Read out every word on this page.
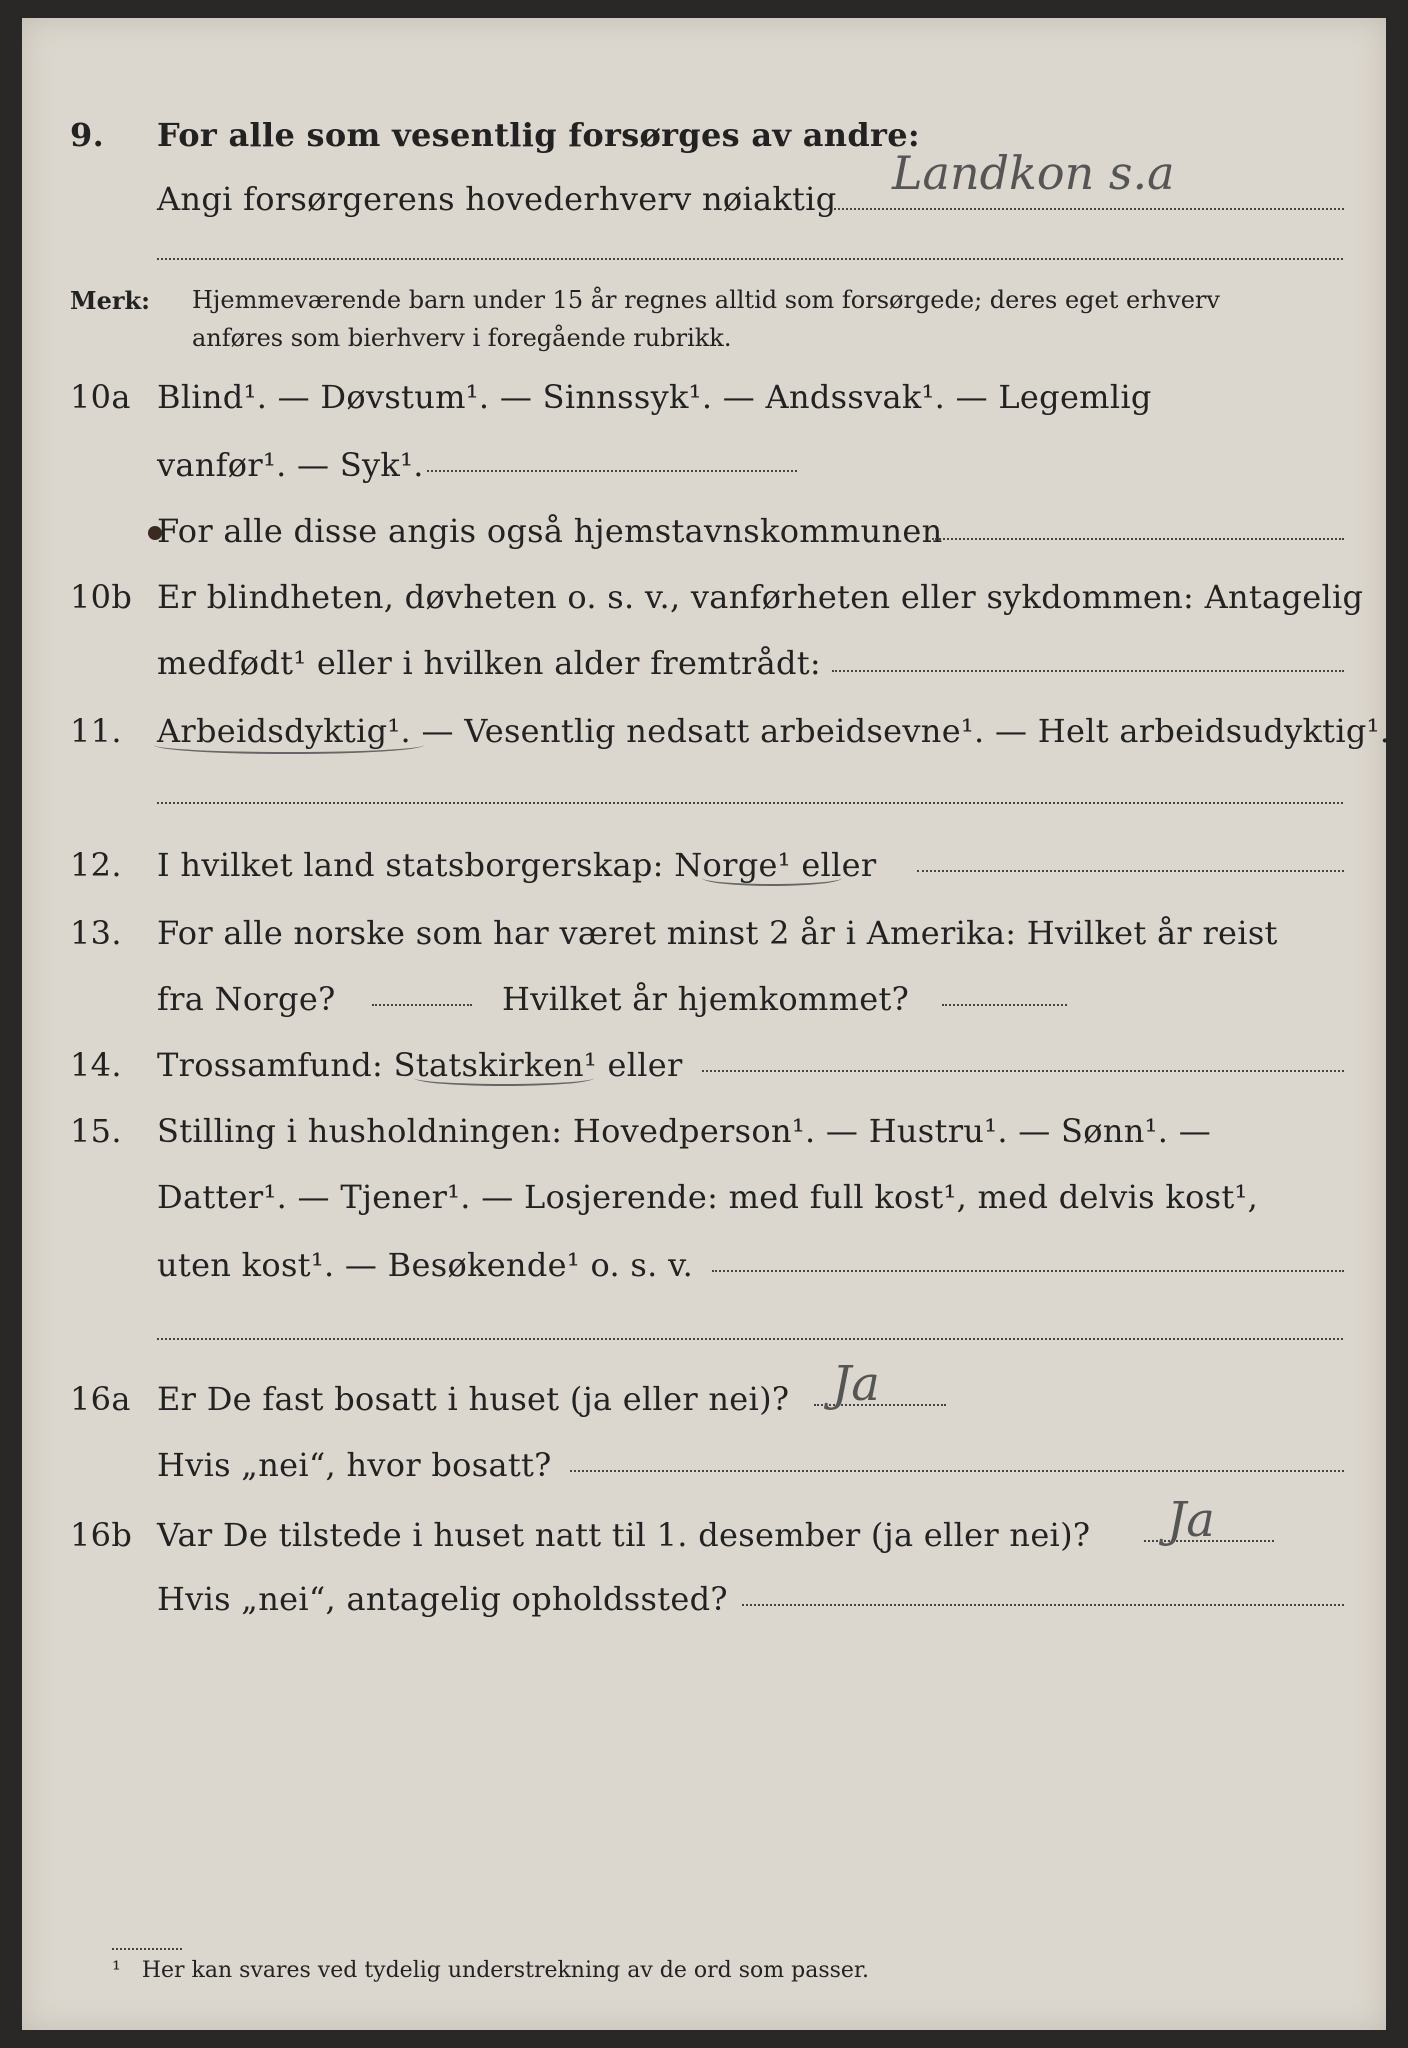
9. For alle som vesentlig forsørges av andre:
Angi forsørgerens hovederhverv nøiaktig Landkon s.a
Merk: Hjemmeværende barn under 15 år regnes alltid som forsørgede; deres eget erhverv
anføres som bierhverv i foregående rubrikk.
10a Blind¹. — Døvstum¹. — Sinnssyk¹. — Andssvak¹. — Legemlig
vanfør¹. — Syk¹.
For alle disse angis også hjemstavnskommunen
10b Er blindheten, døvheten o. s. v., vanførheten eller sykdommen: Antagelig
medfødt¹ eller i hvilken alder fremtrådt:
11. Arbeidsdyktig¹. — Vesentlig nedsatt arbeidsevne¹. — Helt arbeidsudyktig¹.
12. I hvilket land statsborgerskap: Norge¹ eller
13. For alle norske som har været minst 2 år i Amerika: Hvilket år reist
fra Norge?	Hvilket år hjemkommet?
14. Trossamfund: Statskirken¹ eller
15. Stilling i husholdningen: Hovedperson¹. — Hustru¹. — Sønn¹. —
Datter¹. — Tjener¹. — Losjerende: med full kost¹, med delvis kost¹,
uten kost¹. — Besøkende¹ o. s. v.
16a Er De fast bosatt i huset (ja eller nei)? Ja
Hvis „nei“, hvor bosatt?
16b Var De tilstede i huset natt til 1. desember (ja eller nei)? Ja
Hvis „nei“, antagelig opholdssted?
¹ Her kan svares ved tydelig understrekning av de ord som passer.
